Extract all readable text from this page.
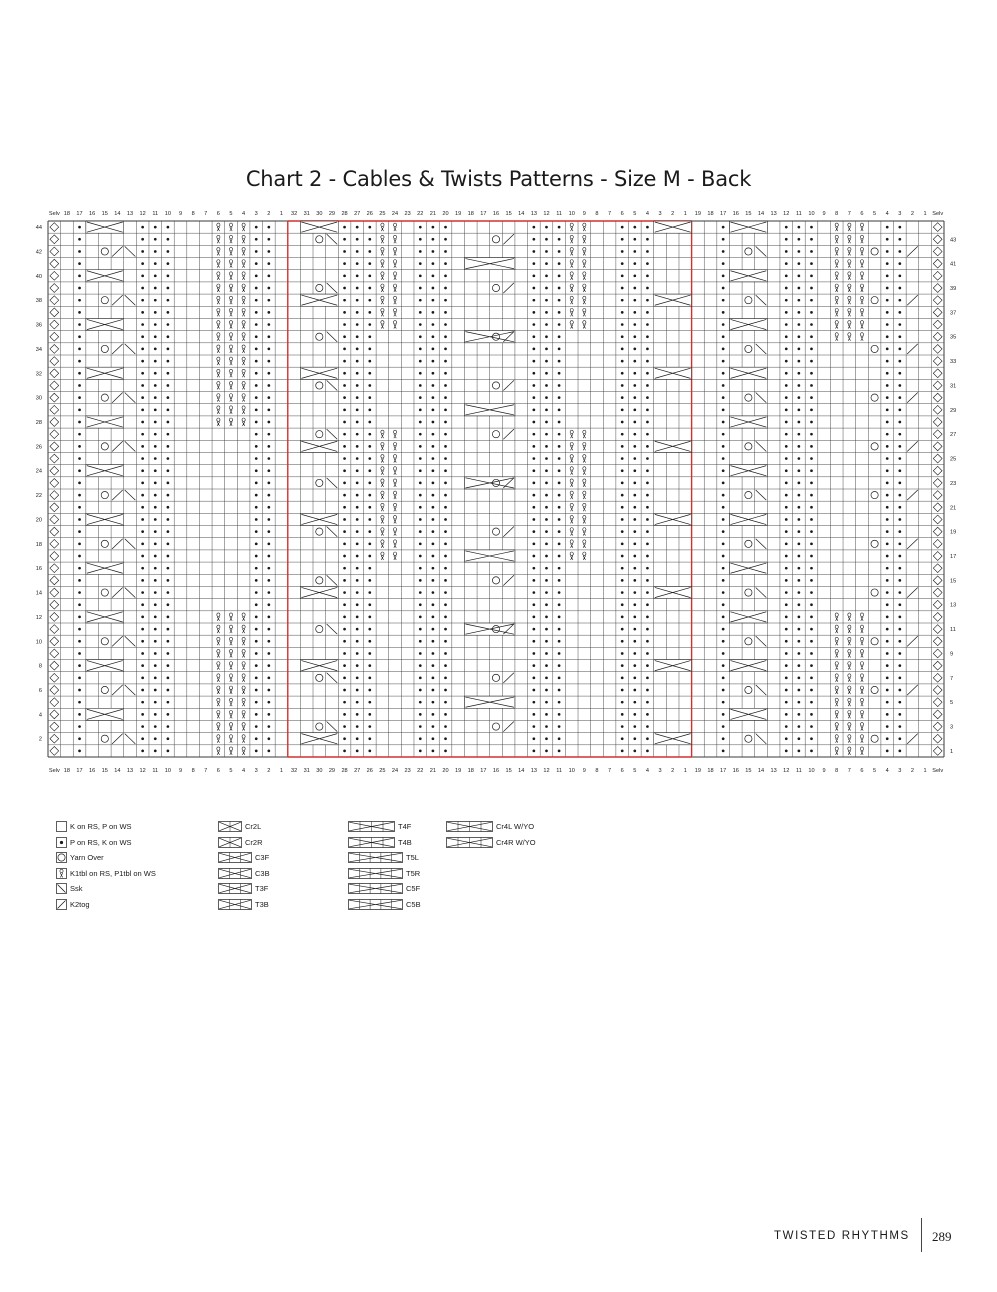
Chart 2 - Cables & Twists Patterns - Size M - Back
Selv
Selv
18
18
17
17
16
16
15
15
14
14
13
13
12
12
11
11
10
10
9
9
8
8
7
7
6
6
5
5
4
4
3
3
2
2
1
1
32
32
31
31
30
30
29
29
28
28
27
27
26
26
25
25
24
24
23
23
22
22
21
21
20
20
19
19
18
18
17
17
16
16
15
15
14
14
13
13
12
12
11
11
10
10
9
9
8
8
7
7
6
6
5
5
4
4
3
3
2
2
1
1
19
19
18
18
17
17
16
16
15
15
14
14
13
13
12
12
11
11
10
10
9
9
8
8
7
7
6
6
5
5
4
4
3
3
2
2
1
1
Selv
Selv
44
42
40
38
36
34
32
30
28
26
24
22
20
18
16
14
12
10
8
6
4
2
43
41
39
37
35
33
31
29
27
25
23
21
19
17
15
13
11
9
7
5
3
1
K on RS, P on WS
P on RS, K on WS
Yarn Over
K1tbl on RS, P1tbl on WS
Ssk
K2tog
Cr2L
Cr2R
C3F
C3B
T3F
T3B
T4F
T4B
T5L
T5R
C5F
C5B
Cr4L W/YO
Cr4R W/YO
TWISTED RHYTHMS 289
